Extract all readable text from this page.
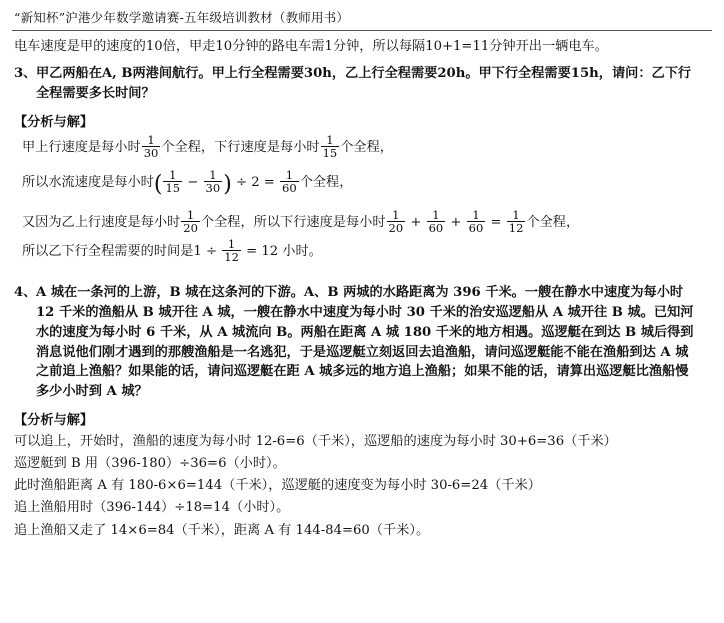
“新知杯”沪港少年数学邀请赛-五年级培训教材（教师用书）
电车速度是甲的速度的10倍，甲走10分钟的路电车需1分钟，所以每隔10+1=11分钟开出一辆电车。
3、甲乙两船在A, B两港间航行。甲上行全程需要30h，乙上行全程需要20h。甲下行全程需要15h，请问：乙下行全程需要多长时间？
【分析与解】
甲上行速度是每小时 $\frac{1}{30}$ 个全程，下行速度是每小时 $\frac{1}{15}$ 个全程，
所以水流速度是每小时( $\frac{1}{15} - \frac{1}{30}$ ) ÷ $2 = \frac{1}{60}$ 个全程，
又因为乙上行速度是每小时 $\frac{1}{20}$ 个全程，所以下行速度是每小时 $\frac{1}{20} + \frac{1}{60} + \frac{1}{60} = \frac{1}{12}$ 个全程，
所以乙下行全程需要的时间是$1 \div \frac{1}{12} = 12$ 小时。
4、A 城在一条河的上游，B 城在这条河的下游。A、B 两城的水路距离为 396 千米。一艘在静水中速度为每小时 12 千米的渔船从 B 城开往 A 城，一艘在静水中速度为每小时 30 千米的治安巡逻船从 A 城开往 B 城。已知河水的速度为每小时 6 千米，从 A 城流向 B。两船在距离 A 城 180 千米的地方相遇。巡逻艇在到达 B 城后得到消息说他们刚才遇到的那艘渔船是一名逃犯，于是巡逻艇立刻返回去追渔船，请问巡逻艇能不能在渔船到达 A 城之前追上渔船？如果能的话，请问巡逻艇在距 A 城多远的地方追上渔船；如果不能的话，请算出巡逻艇比渔船慢多少小时到 A 城？
【分析与解】
可以追上，开始时，渔船的速度为每小时 12-6=6（千米），巡逻船的速度为每小时 30+6=36（千米）
巡逻艇到 B 用（396-180）÷36=6（小时）。
此时渔船距离 A 有 180-6×6=144（千米），巡逻艇的速度变为每小时 30-6=24（千米）
追上渔船用时（396-144）÷18=14（小时）。
追上渔船又走了 14×6=84（千米），距离 A 有 144-84=60（千米）。
